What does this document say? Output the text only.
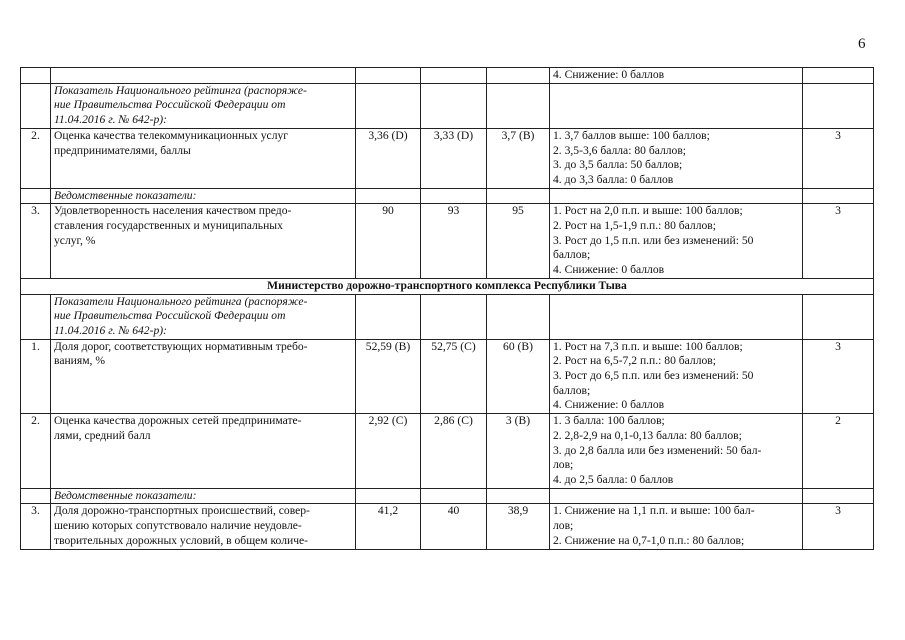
6

					4. Снижение: 0 баллов	

	Показатель Национального рейтинга (распоряже-
ние Правительства Российской Федерации от
11.04.2016 г. № 642-р):					

2.	Оценка качества телекоммуникационных услуг
предпринимателями, баллы	3,36 (D)	3,33 (D)	3,7 (B)	1. 3,7 баллов выше: 100 баллов;
2. 3,5-3,6 балла: 80 баллов;
3. до 3,5 балла: 50 баллов;
4. до 3,3 балла: 0 баллов	3

	Ведомственные показатели:					

3.	Удовлетворенность населения качеством предо-
ставления государственных и муниципальных
услуг, %	90	93	95	1. Рост на 2,0 п.п. и выше: 100 баллов;
2. Рост на 1,5-1,9 п.п.: 80 баллов;
3. Рост до 1,5 п.п. или без изменений: 50
баллов;
4. Снижение: 0 баллов	3
Министерство дорожно-транспортного комплекса Республики Тыва						

	Показатели Национального рейтинга (распоряже-
ние Правительства Российской Федерации от
11.04.2016 г. № 642-р):					

1.	Доля дорог, соответствующих нормативным требо-
ваниям, %	52,59 (B)	52,75 (C)	60 (B)	1. Рост на 7,3 п.п. и выше: 100 баллов;
2. Рост на 6,5-7,2 п.п.: 80 баллов;
3. Рост до 6,5 п.п. или без изменений: 50
баллов;
4. Снижение: 0 баллов	3
2.	Оценка качества дорожных сетей предпринимате-
лями, средний балл	2,92 (C)	2,86 (C)	3 (B)	1. 3 балла: 100 баллов;
2. 2,8-2,9 на 0,1-0,13 балла: 80 баллов;
3. до 2,8 балла или без изменений: 50 бал-
лов;
4. до 2,5 балла: 0 баллов	2

	Ведомственные показатели:					

3.	Доля дорожно-транспортных происшествий, совер-
шению которых сопутствовало наличие неудовле-
творительных дорожных условий, в общем количе-	41,2	40	38,9	1. Снижение на 1,1 п.п. и выше: 100 бал-
лов;
2. Снижение на 0,7-1,0 п.п.: 80 баллов;	3
